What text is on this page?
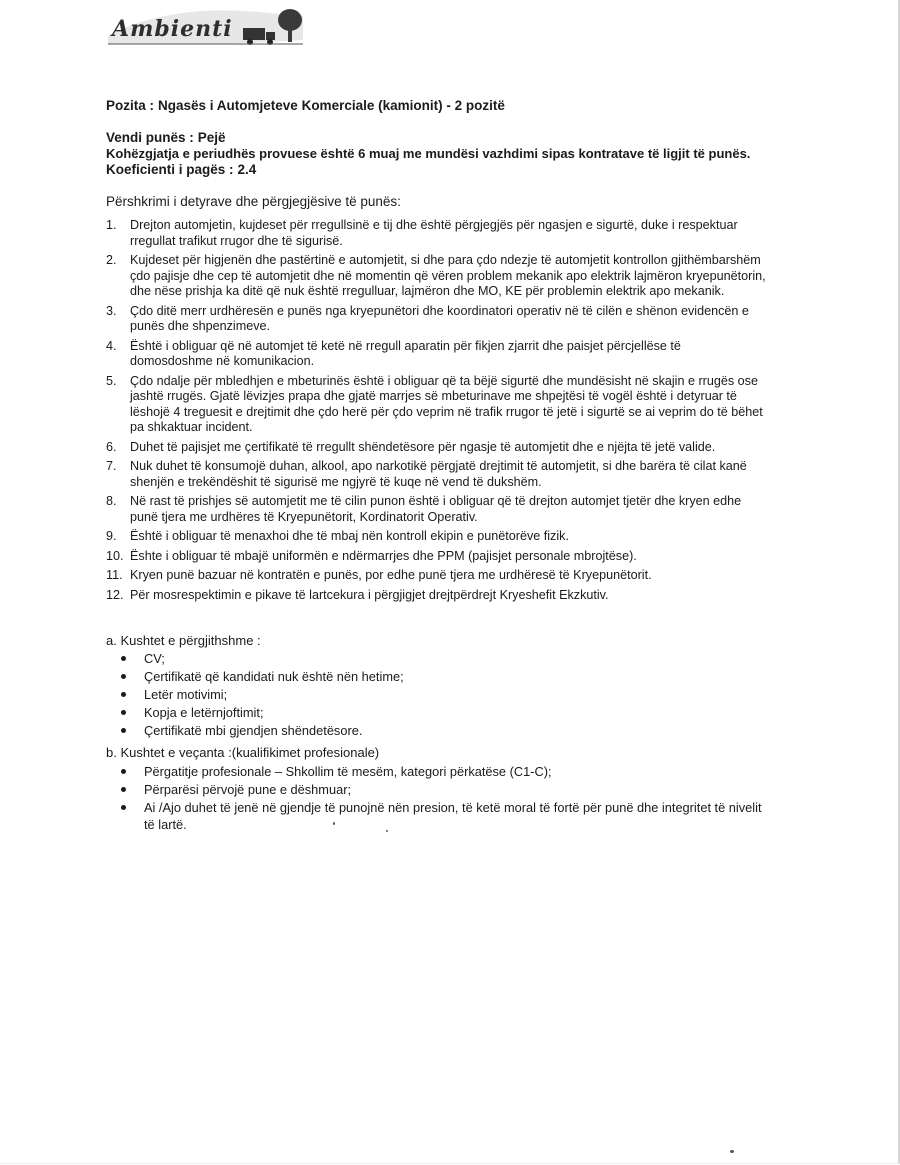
Ambienti
Pozita : Ngasës i Automjeteve Komerciale (kamionit) - 2 pozitë
Vendi punës : Pejë
Kohëzgjatja e periudhës provuese është 6 muaj me mundësi vazhdimi sipas kontratave të ligjit të punës.
Koeficienti i pagës : 2.4
Përshkrimi i detyrave dhe përgjegjësive të punës:
1. Drejton automjetin, kujdeset për rregullsinë e tij dhe është përgjegjës për ngasjen e sigurtë, duke i respektuar rregullat trafikut rrugor dhe të sigurisë.
2. Kujdeset për higjenën dhe pastërtinë e automjetit, si dhe para çdo ndezje të automjetit kontrollon gjithëmbarshëm çdo pajisje dhe cep të automjetit dhe në momentin që vëren problem mekanik apo elektrik lajmëron kryepunëtorin, dhe nëse prishja ka ditë që nuk është rregulluar, lajmëron dhe MO, KE për problemin elektrik apo mekanik.
3. Çdo ditë merr urdhëresën e punës nga kryepunëtori dhe koordinatori operativ në të cilën e shënon evidencën e punës dhe shpenzimeve.
4. Është i obliguar që në automjet të ketë në rregull aparatin për fikjen zjarrit dhe paisjet përcjellëse të domosdoshme në komunikacion.
5. Çdo ndalje për mbledhjen e mbeturinës është i obliguar që ta bëjë sigurtë dhe mundësisht në skajin e rrugës ose jashtë rrugës. Gjatë lëvizjes prapa dhe gjatë marrjes së mbeturinave me shpejtësi të vogël është i detyruar të lëshojë 4 treguesit e drejtimit dhe çdo herë për çdo veprim në trafik rrugor të jetë i sigurtë se ai veprim do të bëhet pa shkaktuar incident.
6. Duhet të pajisjet me çertifikatë të rregullt shëndetësore për ngasje të automjetit dhe e njëjta të jetë valide.
7. Nuk duhet të konsumojë duhan, alkool, apo narkotikë përgjatë drejtimit të automjetit, si dhe barëra të cilat kanë shenjën e trekëndëshit të sigurisë me ngjyrë të kuqe në vend të dukshëm.
8. Në rast të prishjes së automjetit me të cilin punon është i obliguar që të drejton automjet tjetër dhe kryen edhe punë tjera me urdhëres të Kryepunëtorit, Kordinatorit Operativ.
9. Është i obliguar të menaxhoi dhe të mbaj nën kontroll ekipin e punëtorëve fizik.
10. Ështe i obliguar të mbajë uniformën e ndërmarrjes dhe PPM (pajisjet personale mbrojtëse).
11. Kryen punë bazuar në kontratën e punës, por edhe punë tjera me urdhëresë të Kryepunëtorit.
12. Për mosrespektimin e pikave të lartcekura i përgjigjet drejtpërdrejt Kryeshefit Ekzkutiv.
a. Kushtet e përgjithshme :
CV;
Çertifikatë që kandidati nuk është nën hetime;
Letër motivimi;
Kopja e letërnjoftimit;
Çertifikatë mbi gjendjen shëndetësore.
b. Kushtet e veçanta :(kualifikimet profesionale)
Përgatitje profesionale – Shkollim të mesëm, kategori përkatëse (C1-C);
Përparësi përvojë pune e dëshmuar;
Ai /Ajo duhet të jenë në gjendje të punojnë nën presion, të ketë moral të fortë për punë dhe integritet të nivelit të lartë.
